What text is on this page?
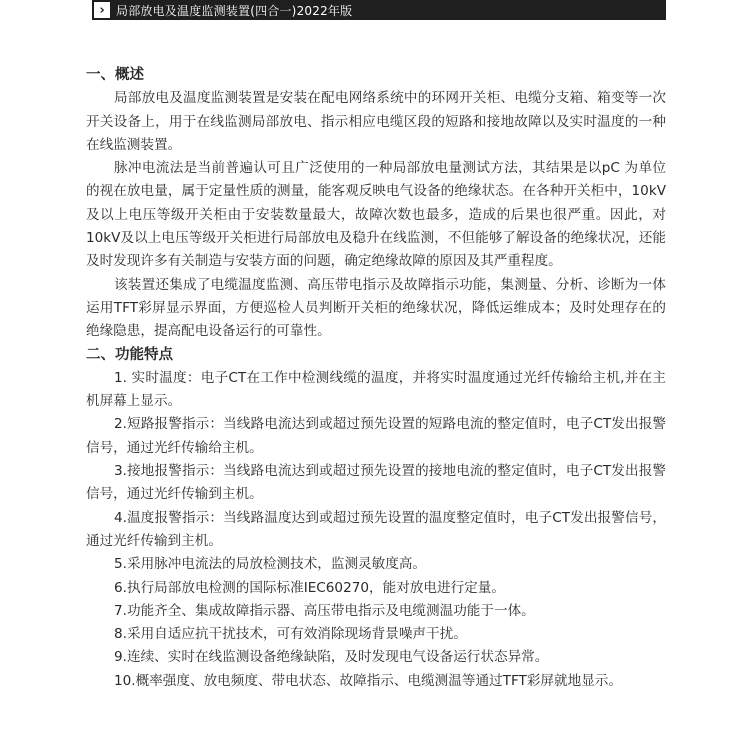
› 局部放电及温度监测装置(四合一)2022年版

一、概述

局部放电及温度监测装置是安装在配电网络系统中的环网开关柜、电缆分支箱、箱变等一次开关设备上，用于在线监测局部放电、指示相应电缆区段的短路和接地故障以及实时温度的一种在线监测装置。

脉冲电流法是当前普遍认可且广泛使用的一种局部放电量测试方法，其结果是以pC 为单位的视在放电量，属于定量性质的测量，能客观反映电气设备的绝缘状态。在各种开关柜中，10kV及以上电压等级开关柜由于安装数量最大，故障次数也最多，造成的后果也很严重。因此，对10kV及以上电压等级开关柜进行局部放电及稳升在线监测，不但能够了解设备的绝缘状况，还能及时发现许多有关制造与安装方面的问题，确定绝缘故障的原因及其严重程度。

该装置还集成了电缆温度监测、高压带电指示及故障指示功能，集测量、分析、诊断为一体运用TFT彩屏显示界面，方便巡检人员判断开关柜的绝缘状况，降低运维成本；及时处理存在的绝缘隐患，提高配电设备运行的可靠性。

二、功能特点

1. 实时温度：电子CT在工作中检测线缆的温度，并将实时温度通过光纤传输给主机,并在主机屏幕上显示。

2.短路报警指示：当线路电流达到或超过预先设置的短路电流的整定值时，电子CT发出报警信号，通过光纤传输给主机。

3.接地报警指示：当线路电流达到或超过预先设置的接地电流的整定值时，电子CT发出报警信号，通过光纤传输到主机。

4.温度报警指示：当线路温度达到或超过预先设置的温度整定值时，电子CT发出报警信号，通过光纤传输到主机。

5.采用脉冲电流法的局放检测技术，监测灵敏度高。

6.执行局部放电检测的国际标准IEC60270，能对放电进行定量。

7.功能齐全、集成故障指示器、高压带电指示及电缆测温功能于一体。

8.采用自适应抗干扰技术，可有效消除现场背景噪声干扰。

9.连续、实时在线监测设备绝缘缺陷，及时发现电气设备运行状态异常。

10.概率强度、放电频度、带电状态、故障指示、电缆测温等通过TFT彩屏就地显示。
